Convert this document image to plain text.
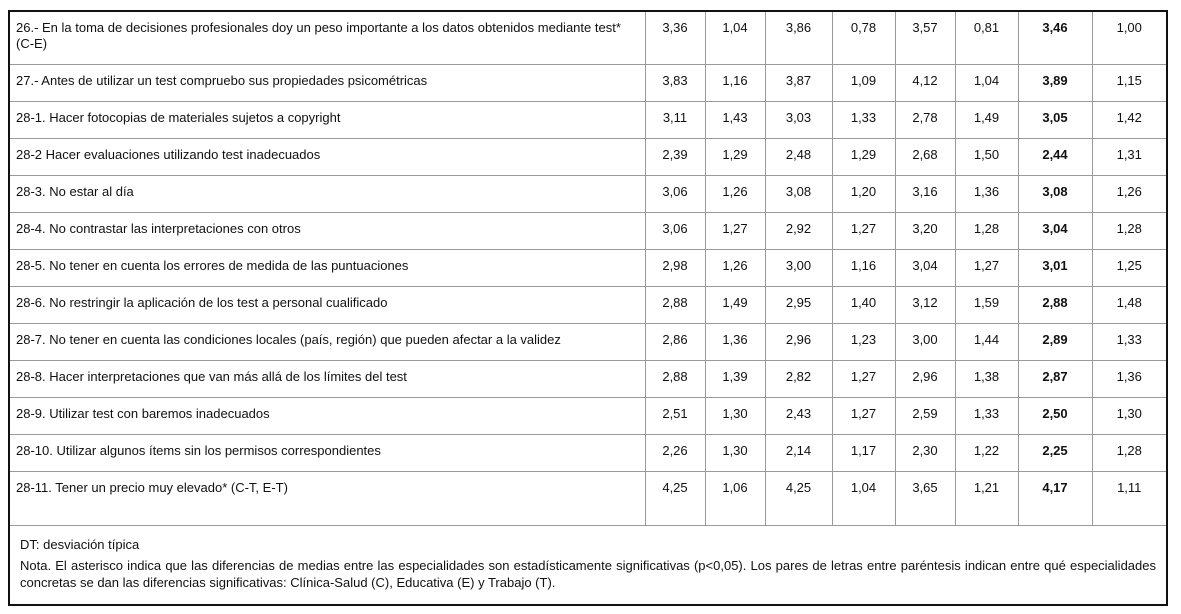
26.- En la toma de decisiones profesionales doy un peso importante a los datos obtenidos mediante test* (C-E)	3,36	1,04	3,86	0,78	3,57	0,81	3,46	1,00
27.- Antes de utilizar un test compruebo sus propiedades psicométricas	3,83	1,16	3,87	1,09	4,12	1,04	3,89	1,15
28-1. Hacer fotocopias de materiales sujetos a copyright	3,11	1,43	3,03	1,33	2,78	1,49	3,05	1,42
28-2 Hacer evaluaciones utilizando test inadecuados	2,39	1,29	2,48	1,29	2,68	1,50	2,44	1,31
28-3. No estar al día	3,06	1,26	3,08	1,20	3,16	1,36	3,08	1,26
28-4. No contrastar las interpretaciones con otros	3,06	1,27	2,92	1,27	3,20	1,28	3,04	1,28
28-5. No tener en cuenta los errores de medida de las puntuaciones	2,98	1,26	3,00	1,16	3,04	1,27	3,01	1,25
28-6. No restringir la aplicación de los test a personal cualificado	2,88	1,49	2,95	1,40	3,12	1,59	2,88	1,48
28-7. No tener en cuenta las condiciones locales (país, región) que pueden afectar a la validez	2,86	1,36	2,96	1,23	3,00	1,44	2,89	1,33
28-8. Hacer interpretaciones que van más allá de los límites del test	2,88	1,39	2,82	1,27	2,96	1,38	2,87	1,36
28-9. Utilizar test con baremos inadecuados	2,51	1,30	2,43	1,27	2,59	1,33	2,50	1,30
28-10. Utilizar algunos ítems sin los permisos correspondientes	2,26	1,30	2,14	1,17	2,30	1,22	2,25	1,28
28-11. Tener un precio muy elevado* (C-T, E-T)	4,25	1,06	4,25	1,04	3,65	1,21	4,17	1,11

DT: desviación típica

Nota. El asterisco indica que las diferencias de medias entre las especialidades son estadísticamente significativas (p<0,05). Los pares de letras entre paréntesis indican entre qué especialidades concretas se dan las diferencias significativas: Clínica-Salud (C), Educativa (E) y Trabajo (T).
